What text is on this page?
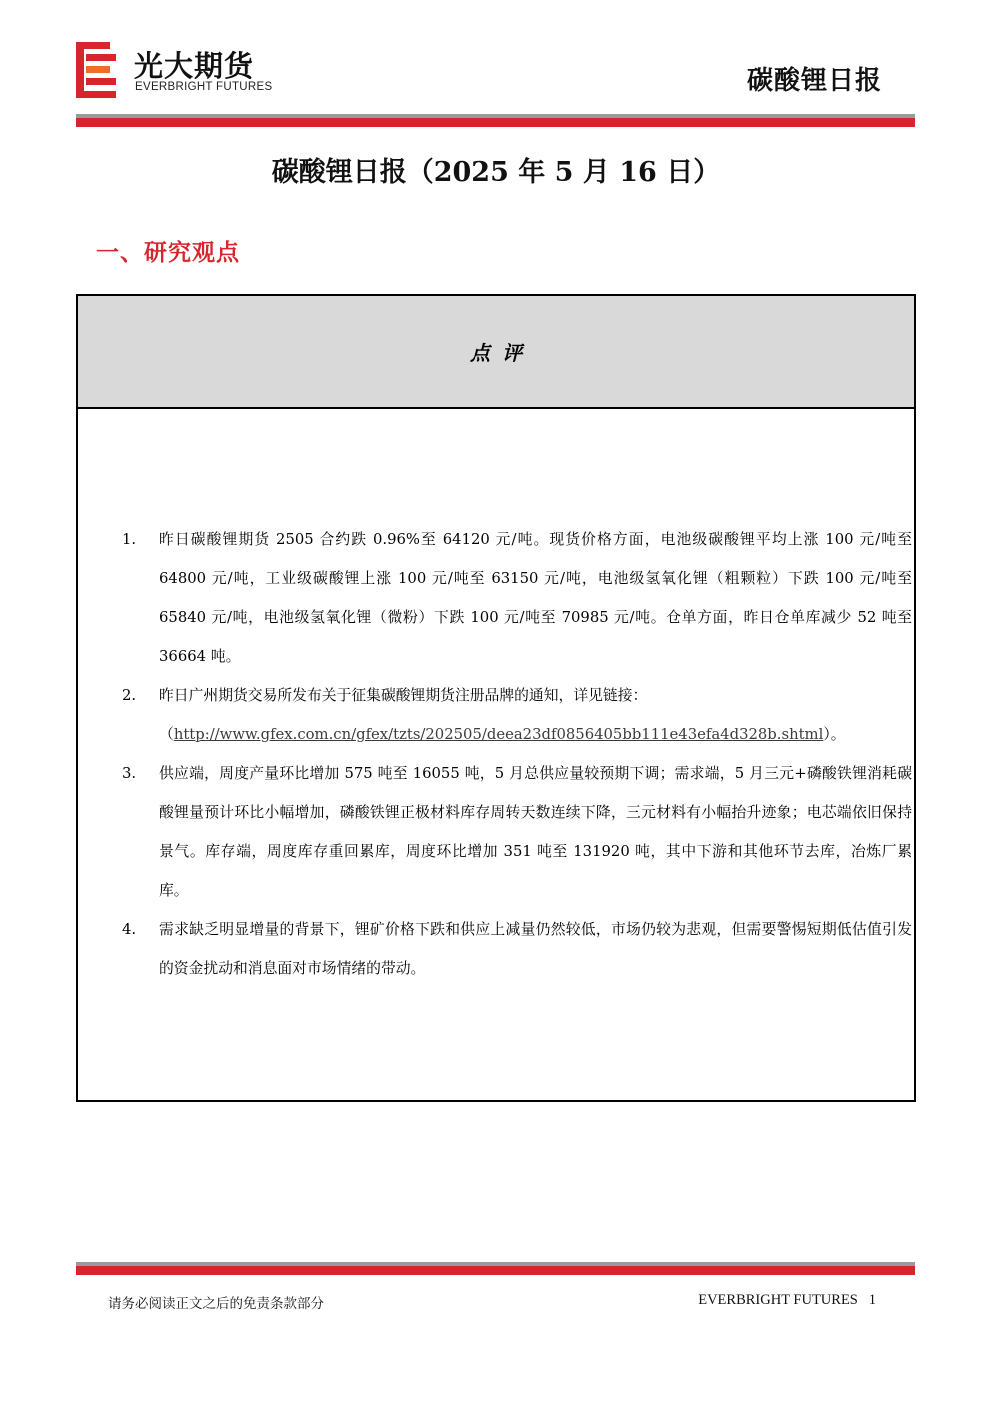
光大期货
EVERBRIGHT FUTURES	碳酸锂日报
碳酸锂日报（2025 年 5 月 16 日）
一、研究观点
点评
1. 昨日碳酸锂期货 2505 合约跌 0.96%至 64120 元/吨。现货价格方面，电池级碳酸锂平均上涨 100 元/吨至 64800 元/吨，工业级碳酸锂上涨 100 元/吨至 63150 元/吨，电池级氢氧化锂（粗颗粒）下跌 100 元/吨至 65840 元/吨，电池级氢氧化锂（微粉）下跌 100 元/吨至 70985 元/吨。仓单方面，昨日仓单库减少 52 吨至 36664 吨。
2. 昨日广州期货交易所发布关于征集碳酸锂期货注册品牌的通知，详见链接：
（http://www.gfex.com.cn/gfex/tzts/202505/deea23df0856405bb111e43efa4d328b.shtml）。
3. 供应端，周度产量环比增加 575 吨至 16055 吨，5 月总供应量较预期下调；需求端，5 月三元+磷酸铁锂消耗碳酸锂量预计环比小幅增加，磷酸铁锂正极材料库存周转天数连续下降，三元材料有小幅抬升迹象；电芯端依旧保持景气。库存端，周度库存重回累库，周度环比增加 351 吨至 131920 吨，其中下游和其他环节去库，冶炼厂累库。
4. 需求缺乏明显增量的背景下，锂矿价格下跌和供应上减量仍然较低，市场仍较为悲观，但需要警惕短期低估值引发的资金扰动和消息面对市场情绪的带动。
请务必阅读正文之后的免责条款部分	EVERBRIGHT FUTURES 1
